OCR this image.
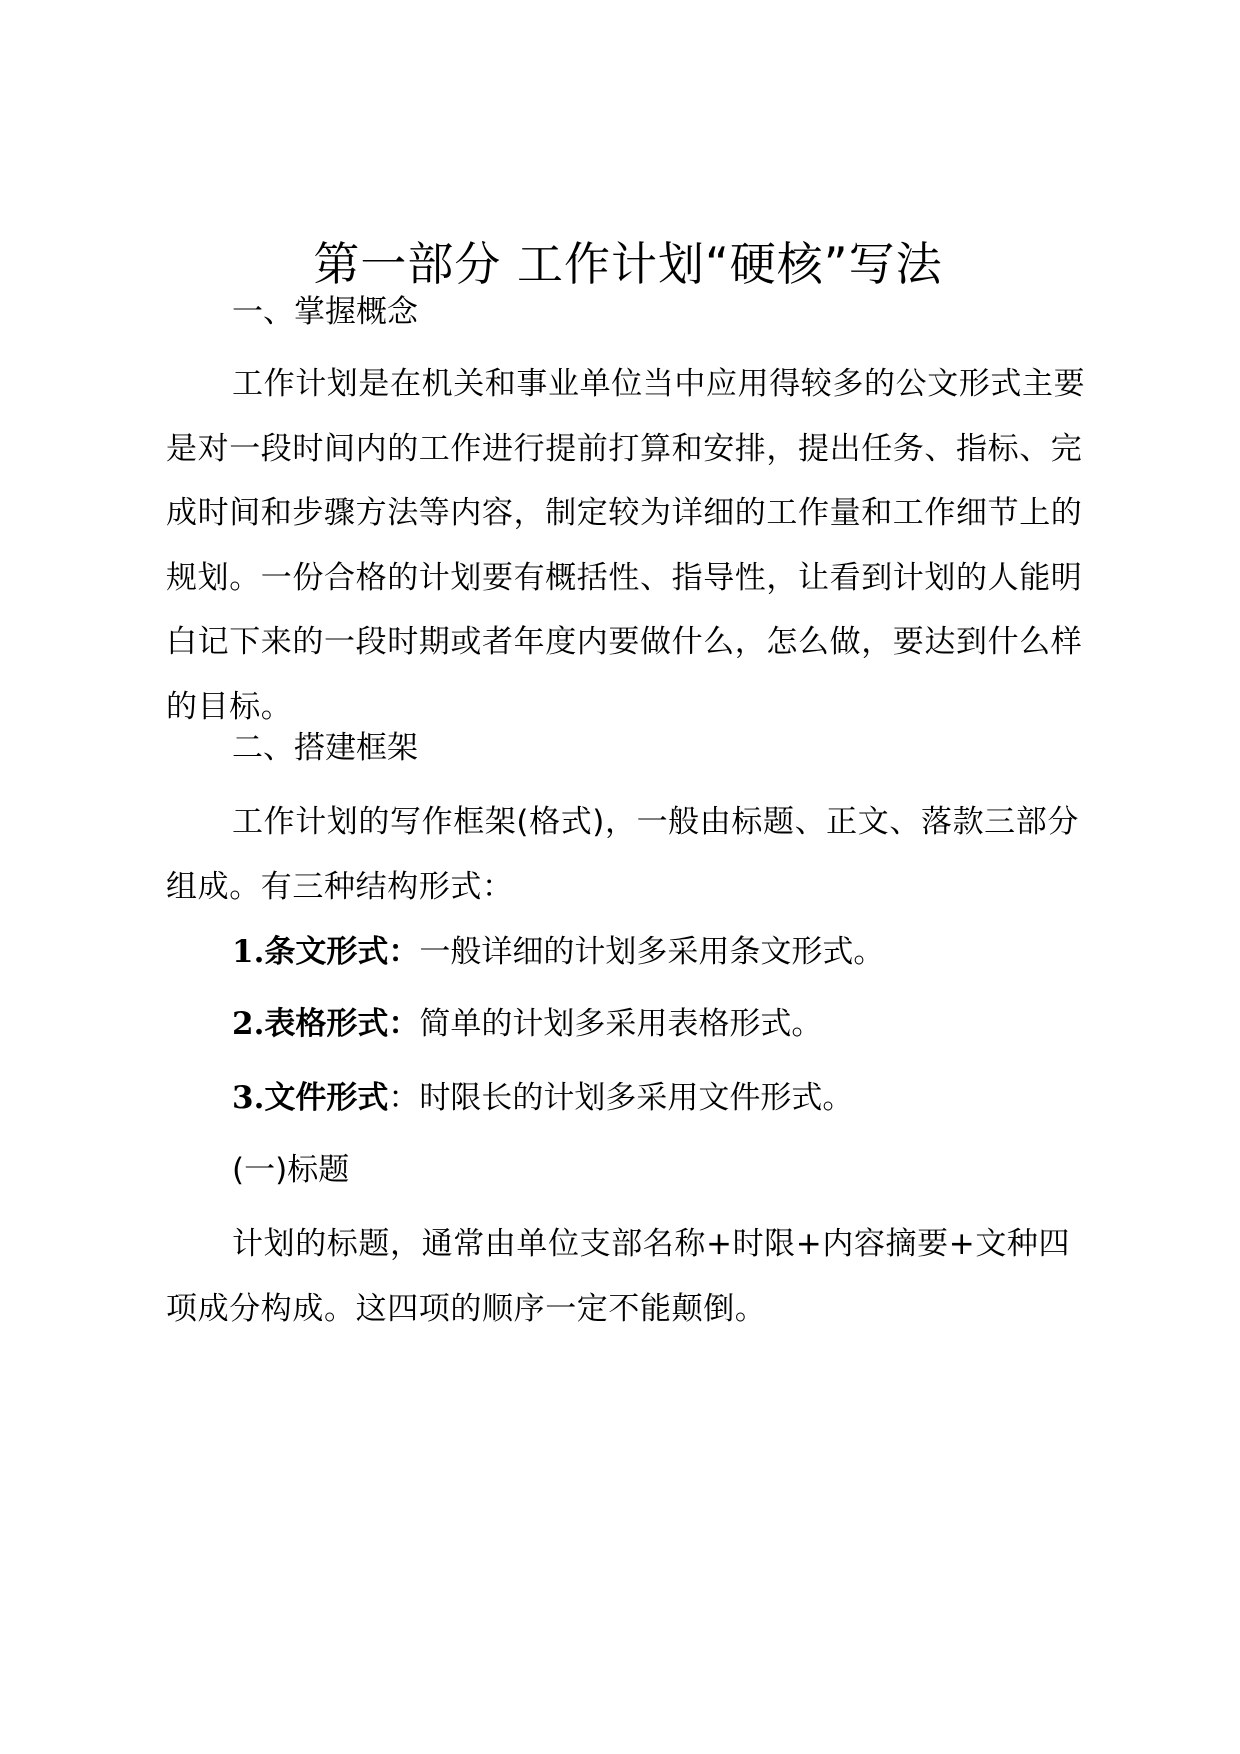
第一部分 工作计划“硬核”写法
一、掌握概念

工作计划是在机关和事业单位当中应用得较多的公文形式主要是对一段时间内的工作进行提前打算和安排，提出任务、指标、完成时间和步骤方法等内容，制定较为详细的工作量和工作细节上的规划。一份合格的计划要有概括性、指导性，让看到计划的人能明白记下来的一段时期或者年度内要做什么，怎么做，要达到什么样的目标。

二、搭建框架

工作计划的写作框架(格式)，一般由标题、正文、落款三部分组成。有三种结构形式：

1.条文形式：一般详细的计划多采用条文形式。

2.表格形式：简单的计划多采用表格形式。

3.文件形式：时限长的计划多采用文件形式。

(一)标题

计划的标题，通常由单位支部名称+时限+内容摘要+文种四项成分构成。这四项的顺序一定不能颠倒。
